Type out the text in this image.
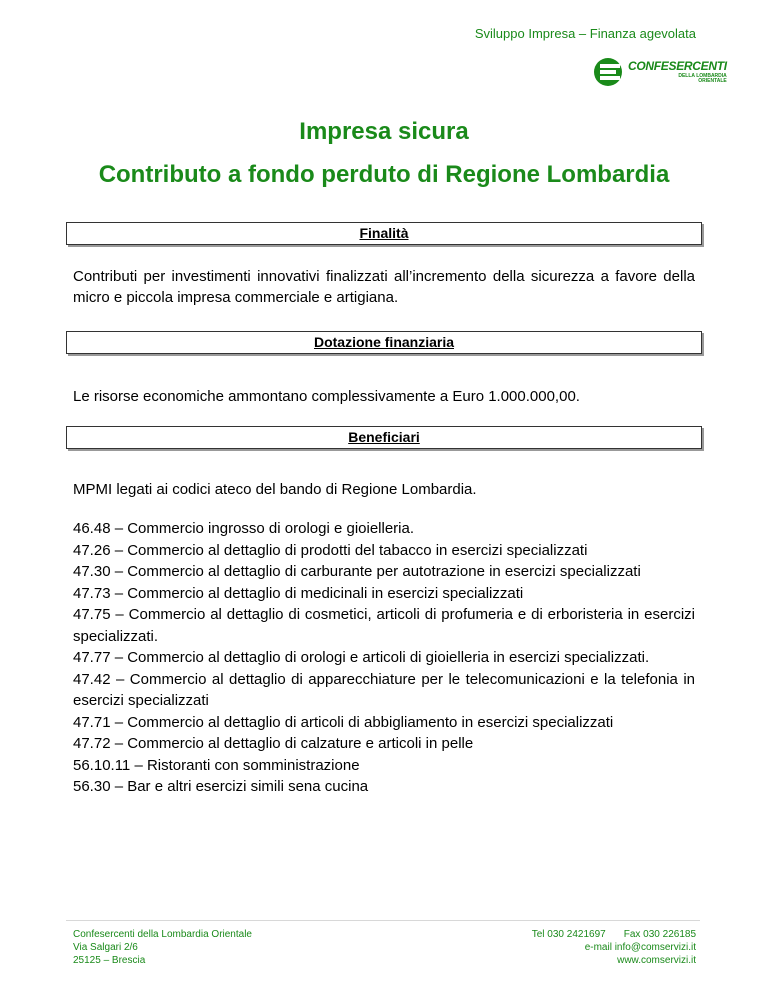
Sviluppo Impresa – Finanza agevolata
CONFESERCENTI
DELLA LOMBARDIA
ORIENTALE
Impresa sicura
Contributo a fondo perduto di Regione Lombardia
Finalità
Contributi per investimenti innovativi finalizzati all’incremento della sicurezza a favore della micro e piccola impresa commerciale e artigiana.
Dotazione finanziaria
Le risorse economiche ammontano complessivamente a Euro 1.000.000,00.
Beneficiari
MPMI legati ai codici ateco del bando di Regione Lombardia.
46.48 – Commercio ingrosso di orologi e gioielleria.
47.26 – Commercio al dettaglio di prodotti del tabacco in esercizi specializzati
47.30 – Commercio al dettaglio di carburante per autotrazione in esercizi specializzati
47.73 – Commercio al dettaglio di medicinali in esercizi specializzati
47.75 – Commercio al dettaglio di cosmetici, articoli di profumeria e di erboristeria in esercizi specializzati.
47.77 – Commercio al dettaglio di orologi e articoli di gioielleria in esercizi specializzati.
47.42 – Commercio al dettaglio di apparecchiature per le telecomunicazioni e la telefonia in esercizi specializzati
47.71 – Commercio al dettaglio di articoli di abbigliamento in esercizi specializzati
47.72 – Commercio al dettaglio di calzature e articoli in pelle
56.10.11 – Ristoranti con somministrazione
56.30 – Bar e altri esercizi simili sena cucina
Confesercenti della Lombardia Orientale
Via Salgari 2/6
25125 – Brescia
Tel 030 2421697 Fax 030 226185
e-mail info@comservizi.it
www.comservizi.it
